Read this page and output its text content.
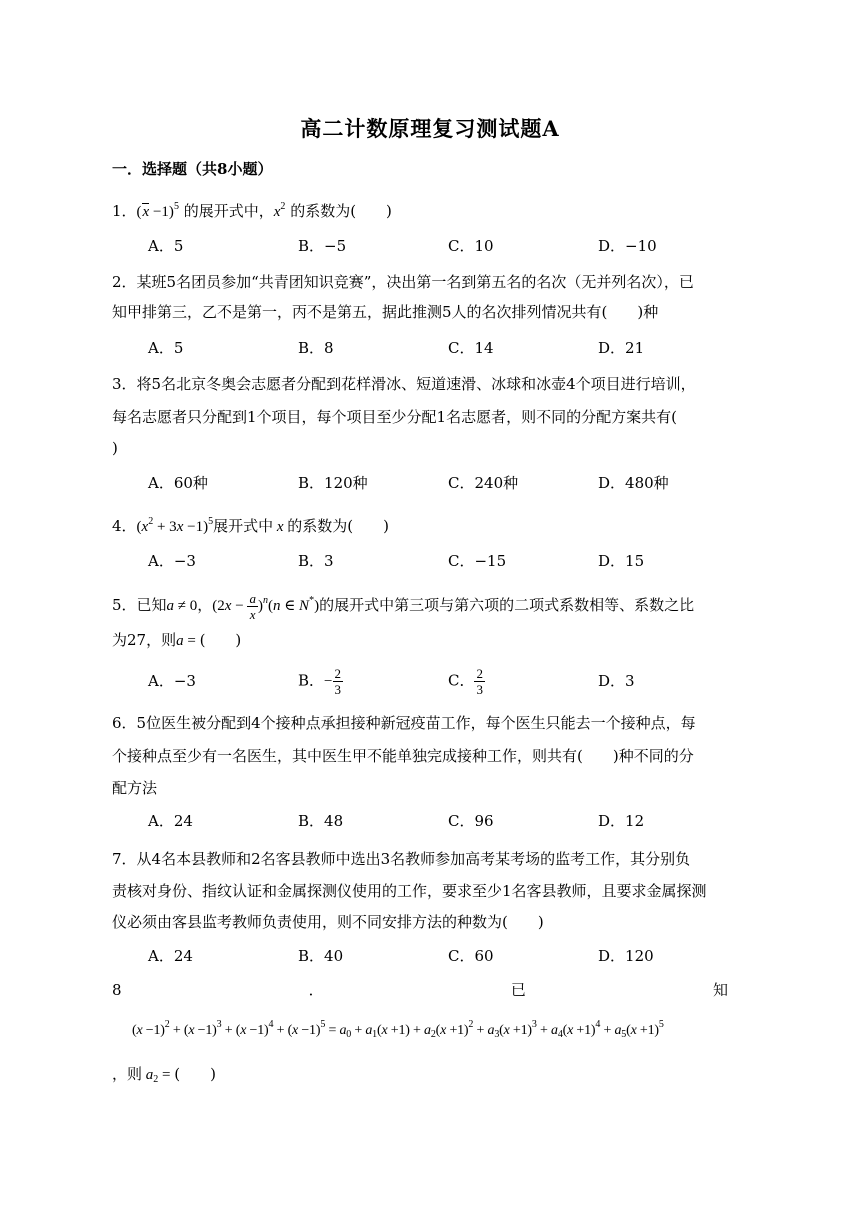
高二计数原理复习测试题A
一．选择题（共8小题）
1．$(x -1)^5$ 的展开式中，$x^2$ 的系数为( )
A．5	B．−5	C．10	D．−10
2．某班5名团员参加“共青团知识竞赛”，决出第一名到第五名的名次（无并列名次），已
知甲排第三，乙不是第一，丙不是第五，据此推测5人的名次排列情况共有(　　)种
A．5	B．8	C．14	D．21
3．将5名北京冬奥会志愿者分配到花样滑冰、短道速滑、冰球和冰壶4个项目进行培训，
每名志愿者只分配到1个项目，每个项目至少分配1名志愿者，则不同的分配方案共有(
)
A．60种	B．120种	C．240种	D．480种
4．$(x^2 + 3x -1)^5$展开式中 x 的系数为( )
A．−3	B．3	C．−15	D．15
5．已知a ≠ 0，$(2x - \frac{a}{x} )^n(n$ ∈ N*)的展开式中第三项与第六项的二项式系数相等、系数之比
为27，则a = (　　)
A．−3	B．− $\frac{2}{3}$	C． $\frac{2}{3}$	D．3
6．5位医生被分配到4个接种点承担接种新冠疫苗工作，每个医生只能去一个接种点，每
个接种点至少有一名医生，其中医生甲不能单独完成接种工作，则共有(　　)种不同的分
配方法
A．24	B．48	C．96	D．12
7．从4名本县教师和2名客县教师中选出3名教师参加高考某考场的监考工作，其分别负
责核对身份、指纹认证和金属探测仪使用的工作，要求至少1名客县教师，且要求金属探测
仪必须由客县监考教师负责使用，则不同安排方法的种数为(　　)
A．24	B．40	C．60	D．120
8	．	已	知
$(x -1)^2 + (x -1)^3 + (x -1)^4 + (x -1)^5 = a_0 + a_1(x +1) + a_2(x +1)^2 + a_3(x +1)^3 + a_4(x +1)^4 + a_5(x +1)^5$
，则 $a_2$ = (　　)
